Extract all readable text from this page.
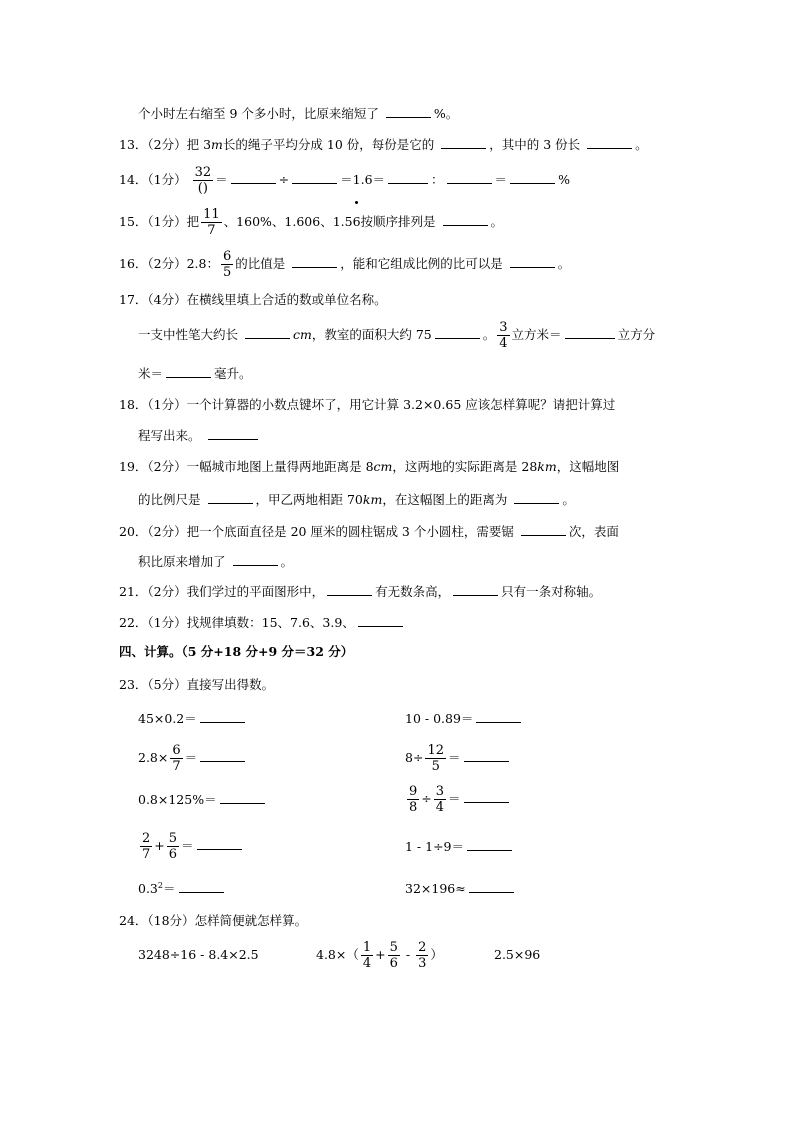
个小时左右缩至 9 个多小时，比原来缩短了	%。
13．（2分）把 3m长的绳子平均分成 10 份，每份是它的	，其中的 3 份长	。
14．（1分） $\frac{32}{()}$ ＝	÷	＝1.6＝	：	＝	%
15．（1分）把 $\frac{11}{7}$ 、160%、1.606、1.56按顺序排列是	。
16．（2分）2.8： $\frac{6}{5}$ 的比值是	，能和它组成比例的比可以是	。
17．（4分）在横线里填上合适的数或单位名称。
一支中性笔大约长	cm，教室的面积大约 75	。 $\frac{3}{4}$ 立方米＝	立方分
米＝	毫升。
18．（1分）一个计算器的小数点键坏了，用它计算 3.2×0.65 应该怎样算呢？请把计算过
程写出来。
19．（2分）一幅城市地图上量得两地距离是 8cm，这两地的实际距离是 28km，这幅地图
的比例尺是	，甲乙两地相距 70km，在这幅图上的距离为	。
20．（2分）把一个底面直径是 20 厘米的圆柱锯成 3 个小圆柱，需要锯	次，表面
积比原来增加了	。
21．（2分）我们学过的平面图形中，	有无数条高，	只有一条对称轴。
22．（1分）找规律填数：15、7.6、3.9、
四、计算。（5 分+18 分+9 分＝32 分）
23．（5分）直接写出得数。
45×0.2＝	10 - 0.89＝
$2.8\times \frac{6}{7}$ ＝	$8\div \frac{12}{5}$ ＝
0.8×125%＝	$\frac{9}{8} \div \frac{3}{4}$ ＝
$\frac{2}{7} + \frac{5}{6}$ ＝	1 - 1÷9＝
$0.3^2=$	32×196≈
24．（18分）怎样简便就怎样算。
3248÷16 - 8.4×2.5	$4.8\times( \frac{1}{4} + \frac{5}{6} - \frac{2}{3}$ ）	2.5×96
